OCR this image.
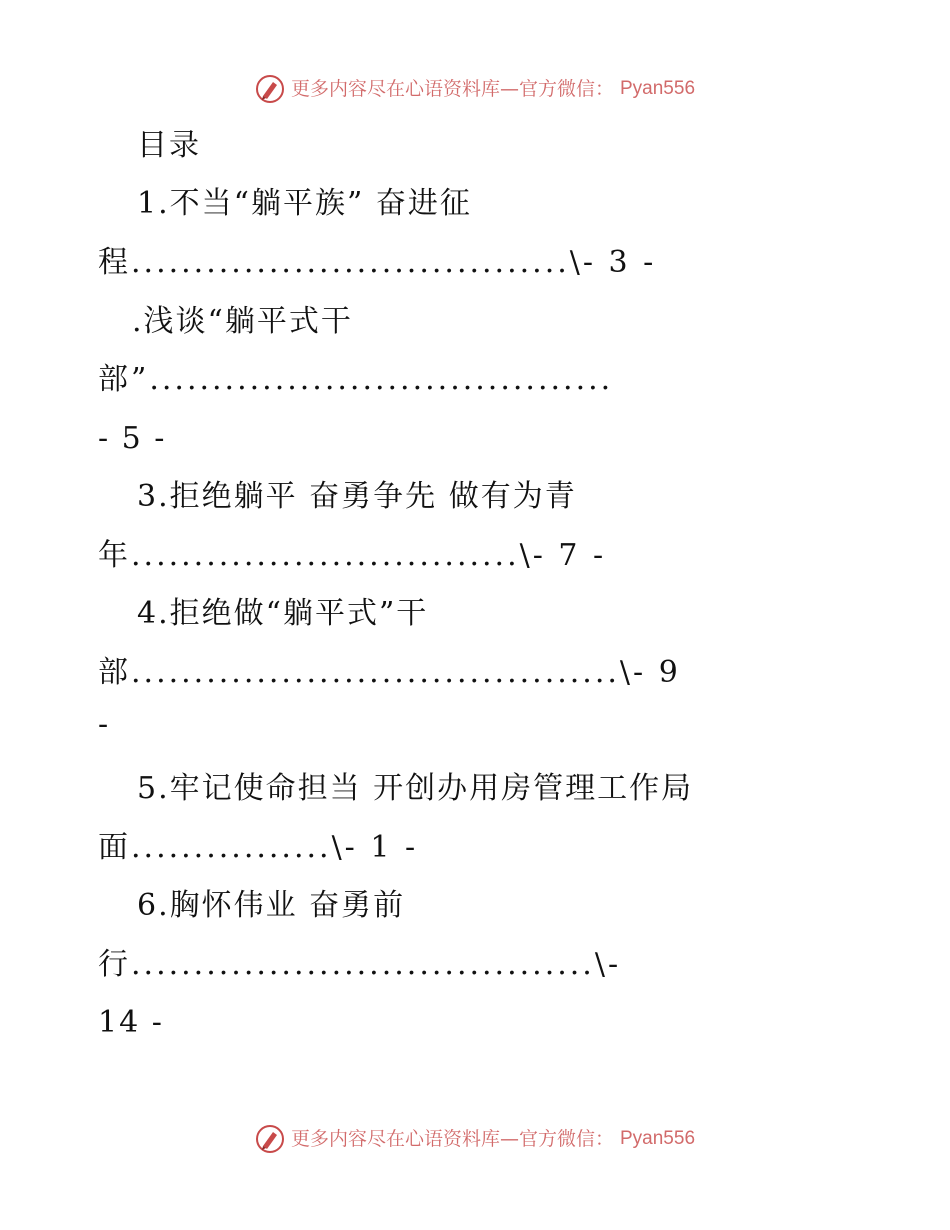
更多内容尽在心语资料库—官方微信： Pyan556
目录
1.不当“躺平族” 奋进征
程...................................\- 3 -
.浅谈“躺平式干
部”.....................................
- 5 -
3.拒绝躺平 奋勇争先 做有为青
年...............................\- 7 -
4.拒绝做“躺平式”干
部.......................................\- 9
-
5.牢记使命担当 开创办用房管理工作局
面................\- 1 -
6.胸怀伟业 奋勇前
行.....................................\-
14 -
更多内容尽在心语资料库—官方微信： Pyan556
